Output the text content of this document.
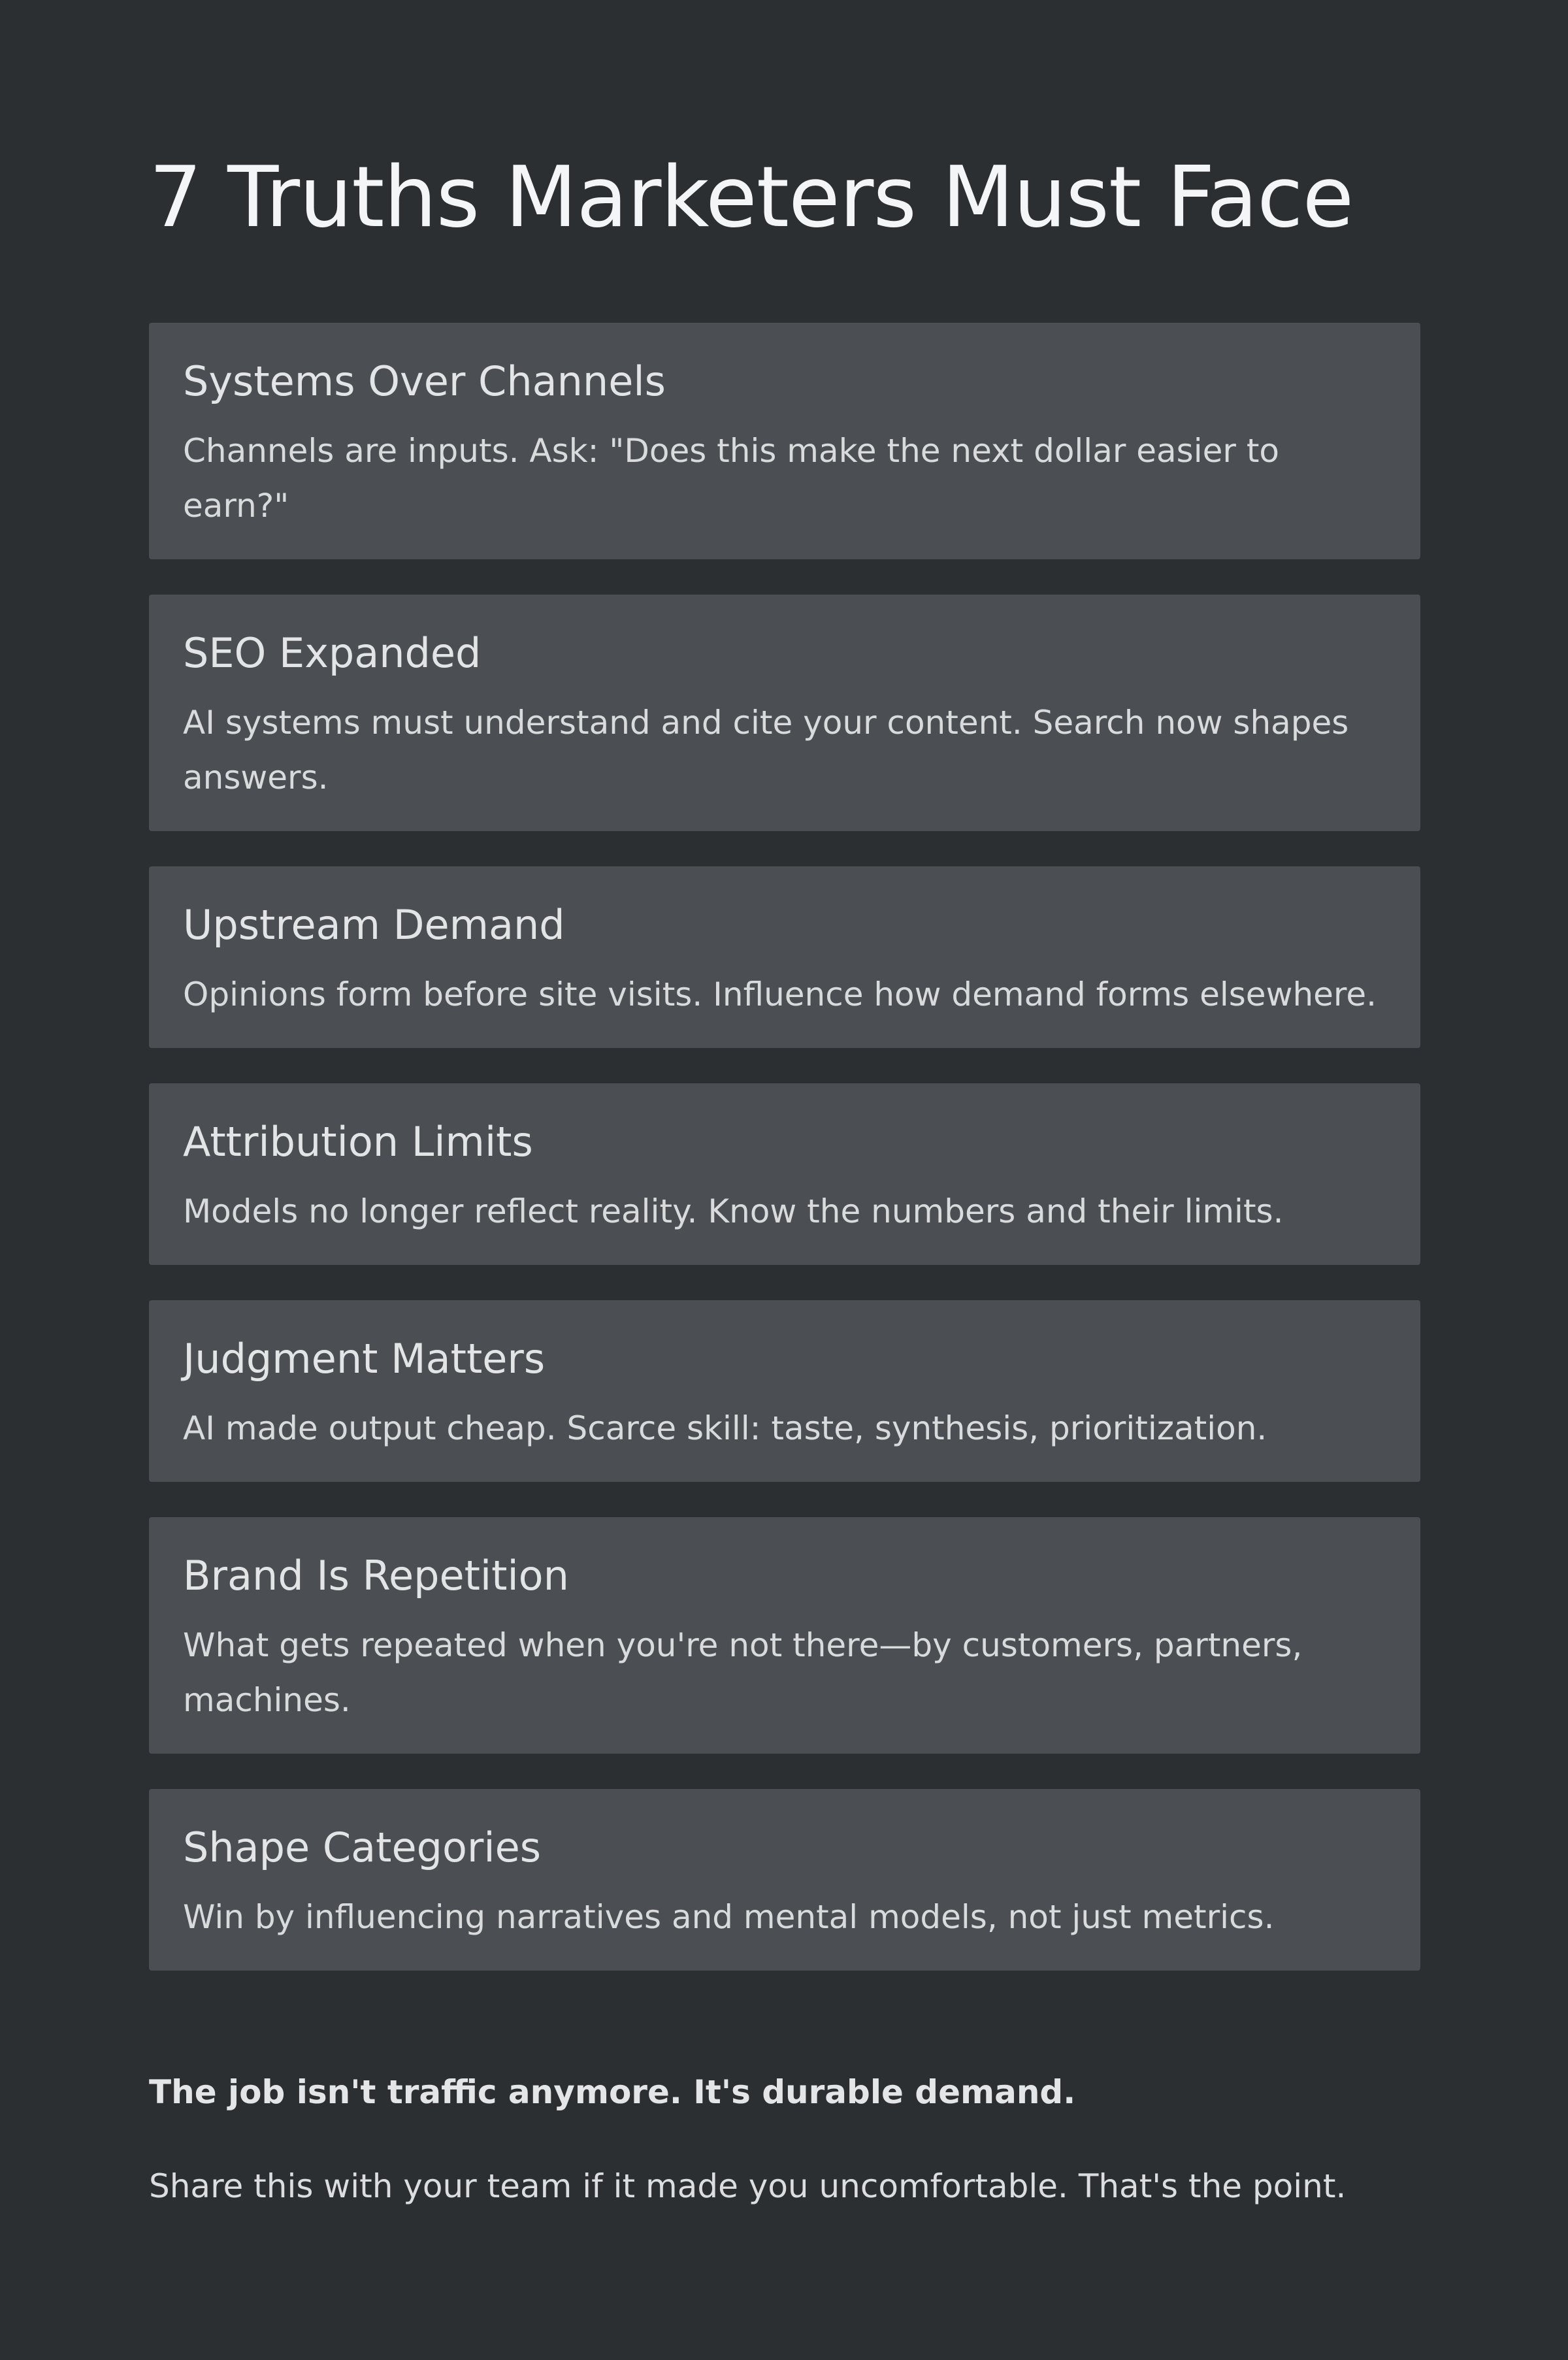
7 Truths Marketers Must Face
Systems Over Channels

Channels are inputs. Ask: "Does this make the next dollar easier to earn?"

SEO Expanded

AI systems must understand and cite your content. Search now shapes answers.

Upstream Demand

Opinions form before site visits. Influence how demand forms elsewhere.

Attribution Limits

Models no longer reflect reality. Know the numbers and their limits.

Judgment Matters

AI made output cheap. Scarce skill: taste, synthesis, prioritization.

Brand Is Repetition

What gets repeated when you're not there—by customers, partners, machines.

Shape Categories

Win by influencing narratives and mental models, not just metrics.

The job isn't traffic anymore. It's durable demand.

Share this with your team if it made you uncomfortable. That's the point.
